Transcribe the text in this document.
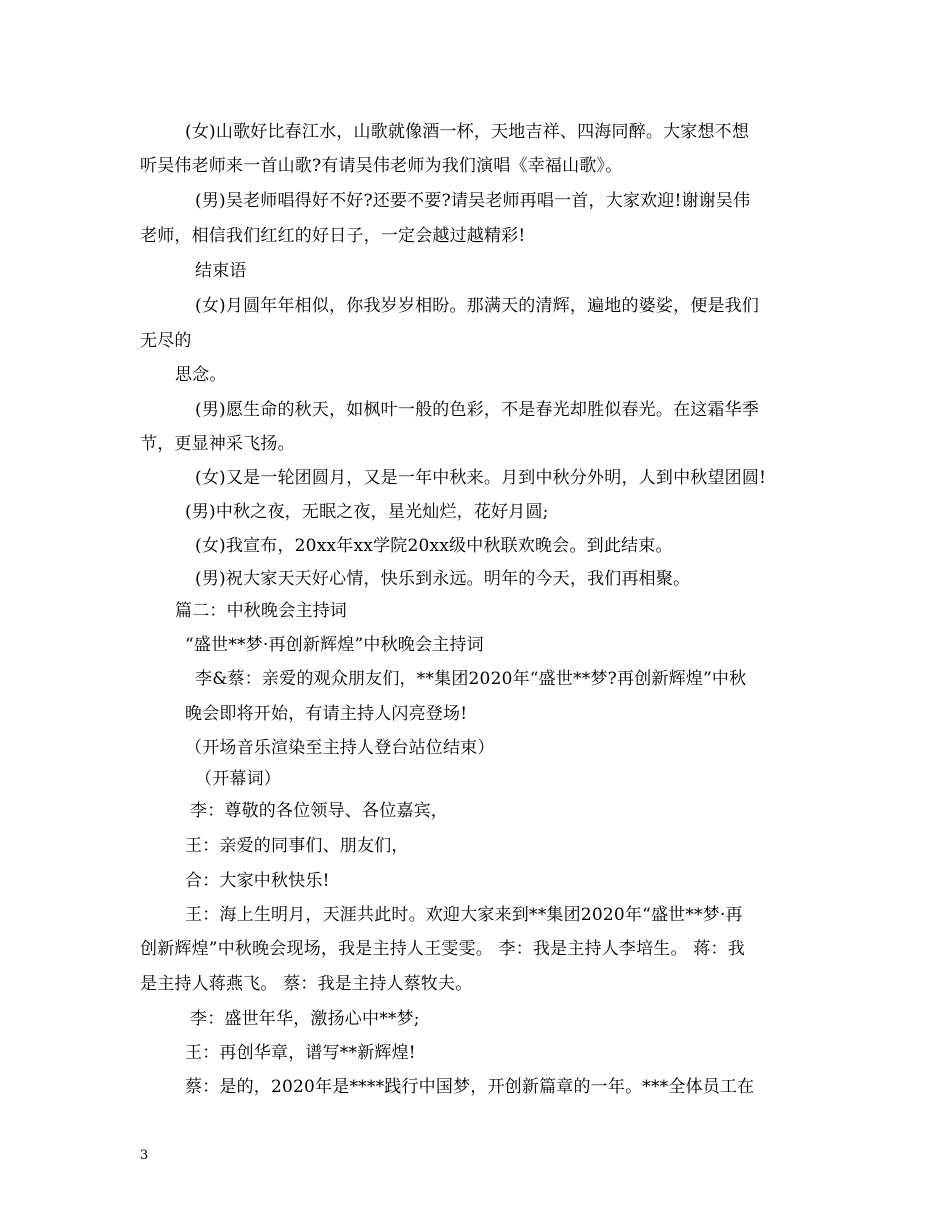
(女)山歌好比春江水，山歌就像酒一杯，天地吉祥、四海同醉。大家想不想
听吴伟老师来一首山歌?有请吴伟老师为我们演唱《幸福山歌》。
(男)吴老师唱得好不好?还要不要?请吴老师再唱一首，大家欢迎!谢谢吴伟
老师，相信我们红红的好日子，一定会越过越精彩!
结束语
(女)月圆年年相似，你我岁岁相盼。那满天的清辉，遍地的婆娑，便是我们
无尽的
思念。
(男)愿生命的秋天，如枫叶一般的色彩，不是春光却胜似春光。在这霜华季
节，更显神采飞扬。
(女)又是一轮团圆月，又是一年中秋来。月到中秋分外明，人到中秋望团圆!
(男)中秋之夜，无眠之夜，星光灿烂，花好月圆;
(女)我宣布，20xx年xx学院20xx级中秋联欢晚会。到此结束。
(男)祝大家天天好心情，快乐到永远。明年的今天，我们再相聚。
篇二：中秋晚会主持词
“盛世**梦·再创新辉煌”中秋晚会主持词
李&蔡：亲爱的观众朋友们，**集团2020年“盛世**梦?再创新辉煌”中秋
晚会即将开始，有请主持人闪亮登场!
（开场音乐渲染至主持人登台站位结束）
（开幕词）
李：尊敬的各位领导、各位嘉宾，
王：亲爱的同事们、朋友们，
合：大家中秋快乐!
王：海上生明月，天涯共此时。欢迎大家来到**集团2020年“盛世**梦·再
创新辉煌”中秋晚会现场，我是主持人王雯雯。 李：我是主持人李培生。 蒋：我
是主持人蒋燕飞。 蔡：我是主持人蔡牧夫。
李：盛世年华，激扬心中**梦;
王：再创华章，谱写**新辉煌!
蔡：是的，2020年是****践行中国梦，开创新篇章的一年。***全体员工在
3
